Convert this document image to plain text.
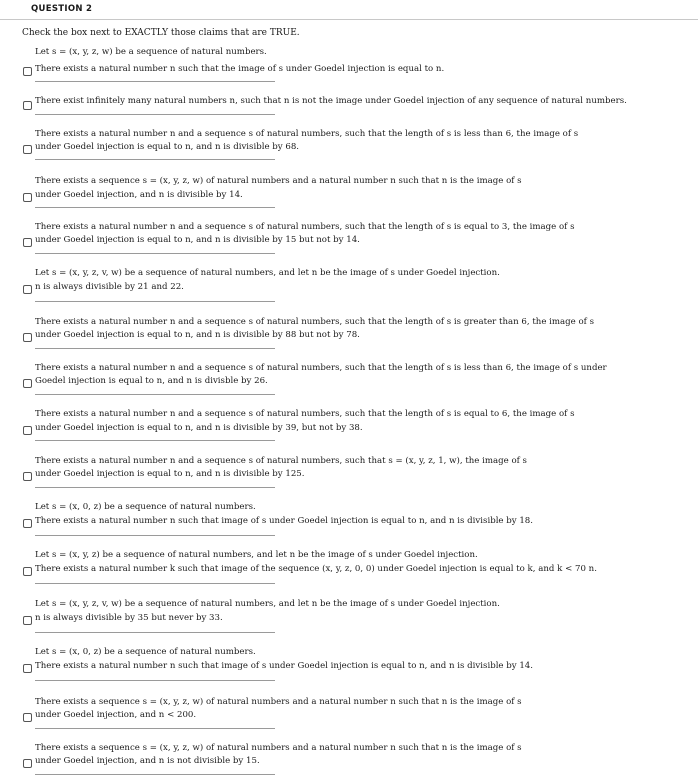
QUESTION 2
Check the box next to EXACTLY those claims that are TRUE.
Let s = (x, y, z, w) be a sequence of natural numbers.
There exists a natural number n such that the image of s under Goedel injection is equal to n.
There exist infinitely many natural numbers n, such that n is not the image under Goedel injection of any sequence of natural numbers.
There exists a natural number n and a sequence s of natural numbers, such that the length of s is less than 6, the image of s
under Goedel injection is equal to n, and n is divisible by 68.
There exists a sequence s = (x, y, z, w) of natural numbers and a natural number n such that n is the image of s
under Goedel injection, and n is divisible by 14.
There exists a natural number n and a sequence s of natural numbers, such that the length of s is equal to 3, the image of s
under Goedel injection is equal to n, and n is divisible by 15 but not by 14.
Let s = (x, y, z, v, w) be a sequence of natural numbers, and let n be the image of s under Goedel injection.
n is always divisible by 21 and 22.
There exists a natural number n and a sequence s of natural numbers, such that the length of s is greater than 6, the image of s
under Goedel injection is equal to n, and n is divisible by 88 but not by 78.
There exists a natural number n and a sequence s of natural numbers, such that the length of s is less than 6, the image of s under
Goedel injection is equal to n, and n is divisble by 26.
There exists a natural number n and a sequence s of natural numbers, such that the length of s is equal to 6, the image of s
under Goedel injection is equal to n, and n is divisible by 39, but not by 38.
There exists a natural number n and a sequence s of natural numbers, such that s = (x, y, z, 1, w), the image of s
under Goedel injection is equal to n, and n is divisible by 125.
Let s = (x, 0, z) be a sequence of natural numbers.
There exists a natural number n such that image of s under Goedel injection is equal to n, and n is divisible by 18.
Let s = (x, y, z) be a sequence of natural numbers, and let n be the image of s under Goedel injection.
There exists a natural number k such that image of the sequence (x, y, z, 0, 0) under Goedel injection is equal to k, and k < 70 n.
Let s = (x, y, z, v, w) be a sequence of natural numbers, and let n be the image of s under Goedel injection.
n is always divisible by 35 but never by 33.
Let s = (x, 0, z) be a sequence of natural numbers.
There exists a natural number n such that image of s under Goedel injection is equal to n, and n is divisible by 14.
There exists a sequence s = (x, y, z, w) of natural numbers and a natural number n such that n is the image of s
under Goedel injection, and n < 200.
There exists a sequence s = (x, y, z, w) of natural numbers and a natural number n such that n is the image of s
under Goedel injection, and n is not divisible by 15.
